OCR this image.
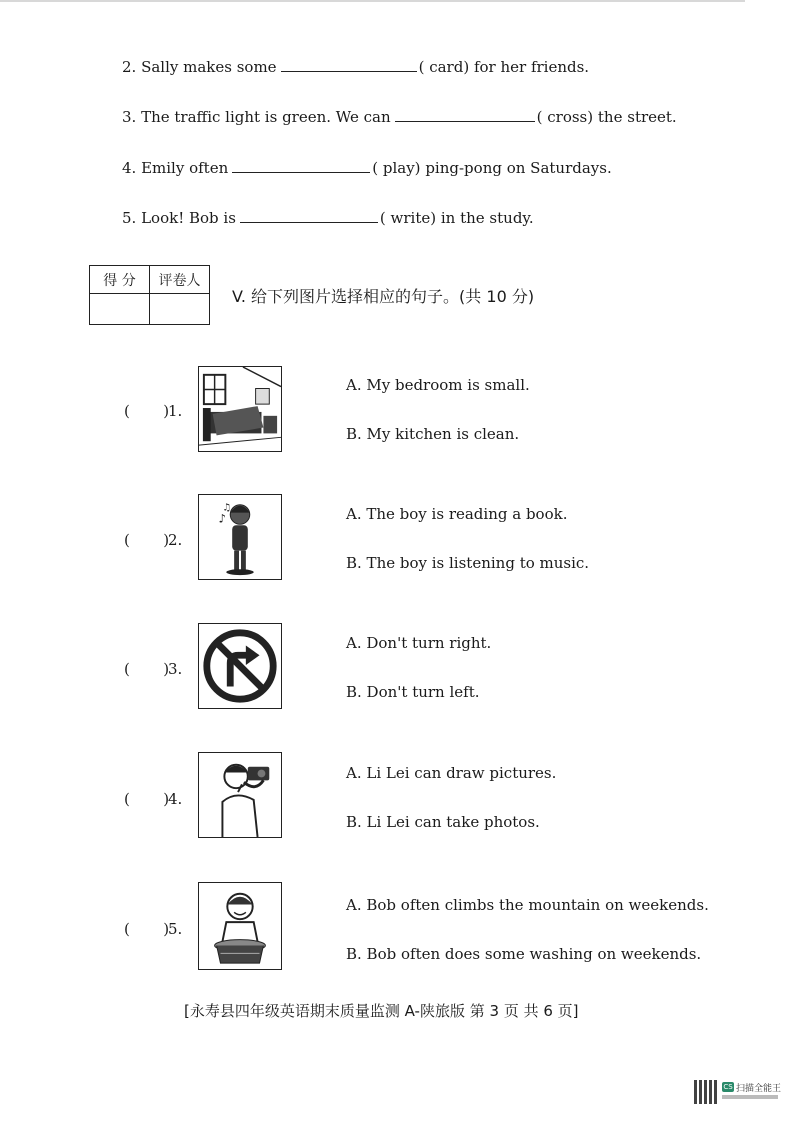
2. Sally makes some	( card) for her friends.
3. The traffic light is green. We can	( cross) the street.
4. Emily often	( play) ping-pong on Saturdays.
5. Look! Bob is	( write) in the study.
得 分	评卷人

V. 给下列图片选择相应的句子。(共 10 分)
( )
1.
A. My bedroom is small.
B. My kitchen is clean.
( )
2.
♪
♫	A. The boy is reading a book.
B. The boy is listening to music.
( )
3.
A. Don't turn right.
B. Don't turn left.
( )
4.
A. Li Lei can draw pictures.
B. Li Lei can take photos.
( )
5.
A. Bob often climbs the mountain on weekends.
B. Bob often does some washing on weekends.
[永寿县四年级英语期末质量监测 A-陕旅版 第 3 页 共 6 页]
CS 扫描全能王
